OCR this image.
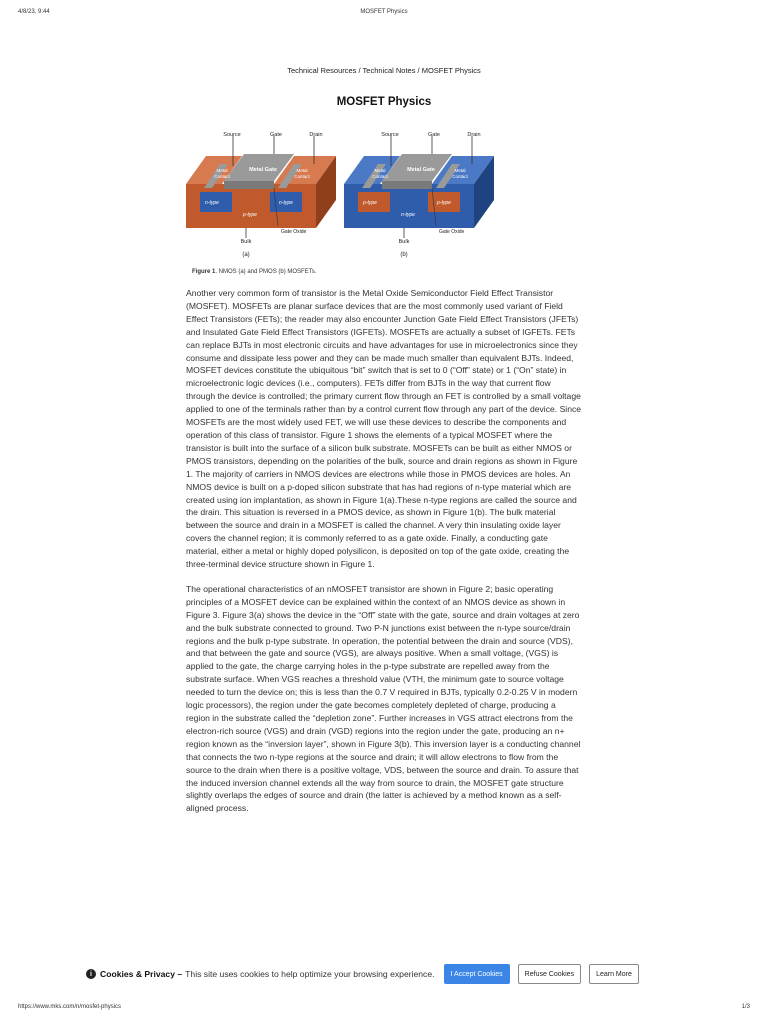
4/8/23, 9:44	MOSFET Physics
Technical Resources / Technical Notes / MOSFET Physics
MOSFET Physics
Source	Gate	Drain
Metal Gate
Metal
Contact
Metal
Contact
n-type	n-type
p-type
Gate Oxide
Bulk
(a)
Source	Gate	Drain
Metal Gate
Metal
Contact
Metal
Contact
p-type	p-type
n-type
Gate Oxide
Bulk
(b)
Figure 1. NMOS (a) and PMOS (b) MOSFETs.

Another very common form of transistor is the Metal Oxide Semiconductor Field Effect Transistor (MOSFET). MOSFETs are planar surface devices that are the most commonly used variant of Field Effect Transistors (FETs); the reader may also encounter Junction Gate Field Effect Transistors (JFETs) and Insulated Gate Field Effect Transistors (IGFETs). MOSFETs are actually a subset of IGFETs. FETs can replace BJTs in most electronic circuits and have advantages for use in microelectronics since they consume and dissipate less power and they can be made much smaller than equivalent BJTs. Indeed, MOSFET devices constitute the ubiquitous “bit” switch that is set to 0 (“Off” state) or 1 (“On” state) in microelectronic logic devices (i.e., computers). FETs differ from BJTs in the way that current flow through the device is controlled; the primary current flow through an FET is controlled by a small voltage applied to one of the terminals rather than by a control current flow through any part of the device. Since MOSFETs are the most widely used FET, we will use these devices to describe the components and operation of this class of transistor. Figure 1 shows the elements of a typical MOSFET where the transistor is built into the surface of a silicon bulk substrate. MOSFETs can be built as either NMOS or PMOS transistors, depending on the polarities of the bulk, source and drain regions as shown in Figure 1. The majority of carriers in NMOS devices are electrons while those in PMOS devices are holes. An NMOS device is built on a p-doped silicon substrate that has had regions of n-type material which are created using ion implantation, as shown in Figure 1(a).These n-type regions are called the source and the drain. This situation is reversed in a PMOS device, as shown in Figure 1(b). The bulk material between the source and drain in a MOSFET is called the channel. A very thin insulating oxide layer covers the channel region; it is commonly referred to as a gate oxide. Finally, a conducting gate material, either a metal or highly doped polysilicon, is deposited on top of the gate oxide, creating the three-terminal device structure shown in Figure 1.

The operational characteristics of an nMOSFET transistor are shown in Figure 2; basic operating principles of a MOSFET device can be explained within the context of an NMOS device as shown in Figure 3. Figure 3(a) shows the device in the “Off” state with the gate, source and drain voltages at zero and the bulk substrate connected to ground. Two P-N junctions exist between the n-type source/drain regions and the bulk p-type substrate. In operation, the potential between the drain and source (VDS), and that between the gate and source (VGS), are always positive. When a small voltage, (VGS) is applied to the gate, the charge carrying holes in the p-type substrate are repelled away from the substrate surface. When VGS reaches a threshold value (VTH, the minimum gate to source voltage needed to turn the device on; this is less than the 0.7 V required in BJTs, typically 0.2-0.25 V in modern logic processors), the region under the gate becomes completely depleted of charge, producing a region in the substrate called the “depletion zone”. Further increases in VGS attract electrons from the electron-rich source (VGS) and drain (VGD) regions into the region under the gate, producing an n+ region known as the “inversion layer”, shown in Figure 3(b). This inversion layer is a conducting channel that connects the two n-type regions at the source and drain; it will allow electrons to flow from the source to the drain when there is a positive voltage, VDS, between the source and drain. To assure that the induced inversion channel extends all the way from source to drain, the MOSFET gate structure slightly overlaps the edges of source and drain (the latter is achieved by a method known as a self-aligned process.

i Cookies & Privacy – This site uses cookies to help optimize your browsing experience.	I Accept Cookies	Refuse Cookies	Learn More
https://www.mks.com/n/mosfet-physics	1/3
